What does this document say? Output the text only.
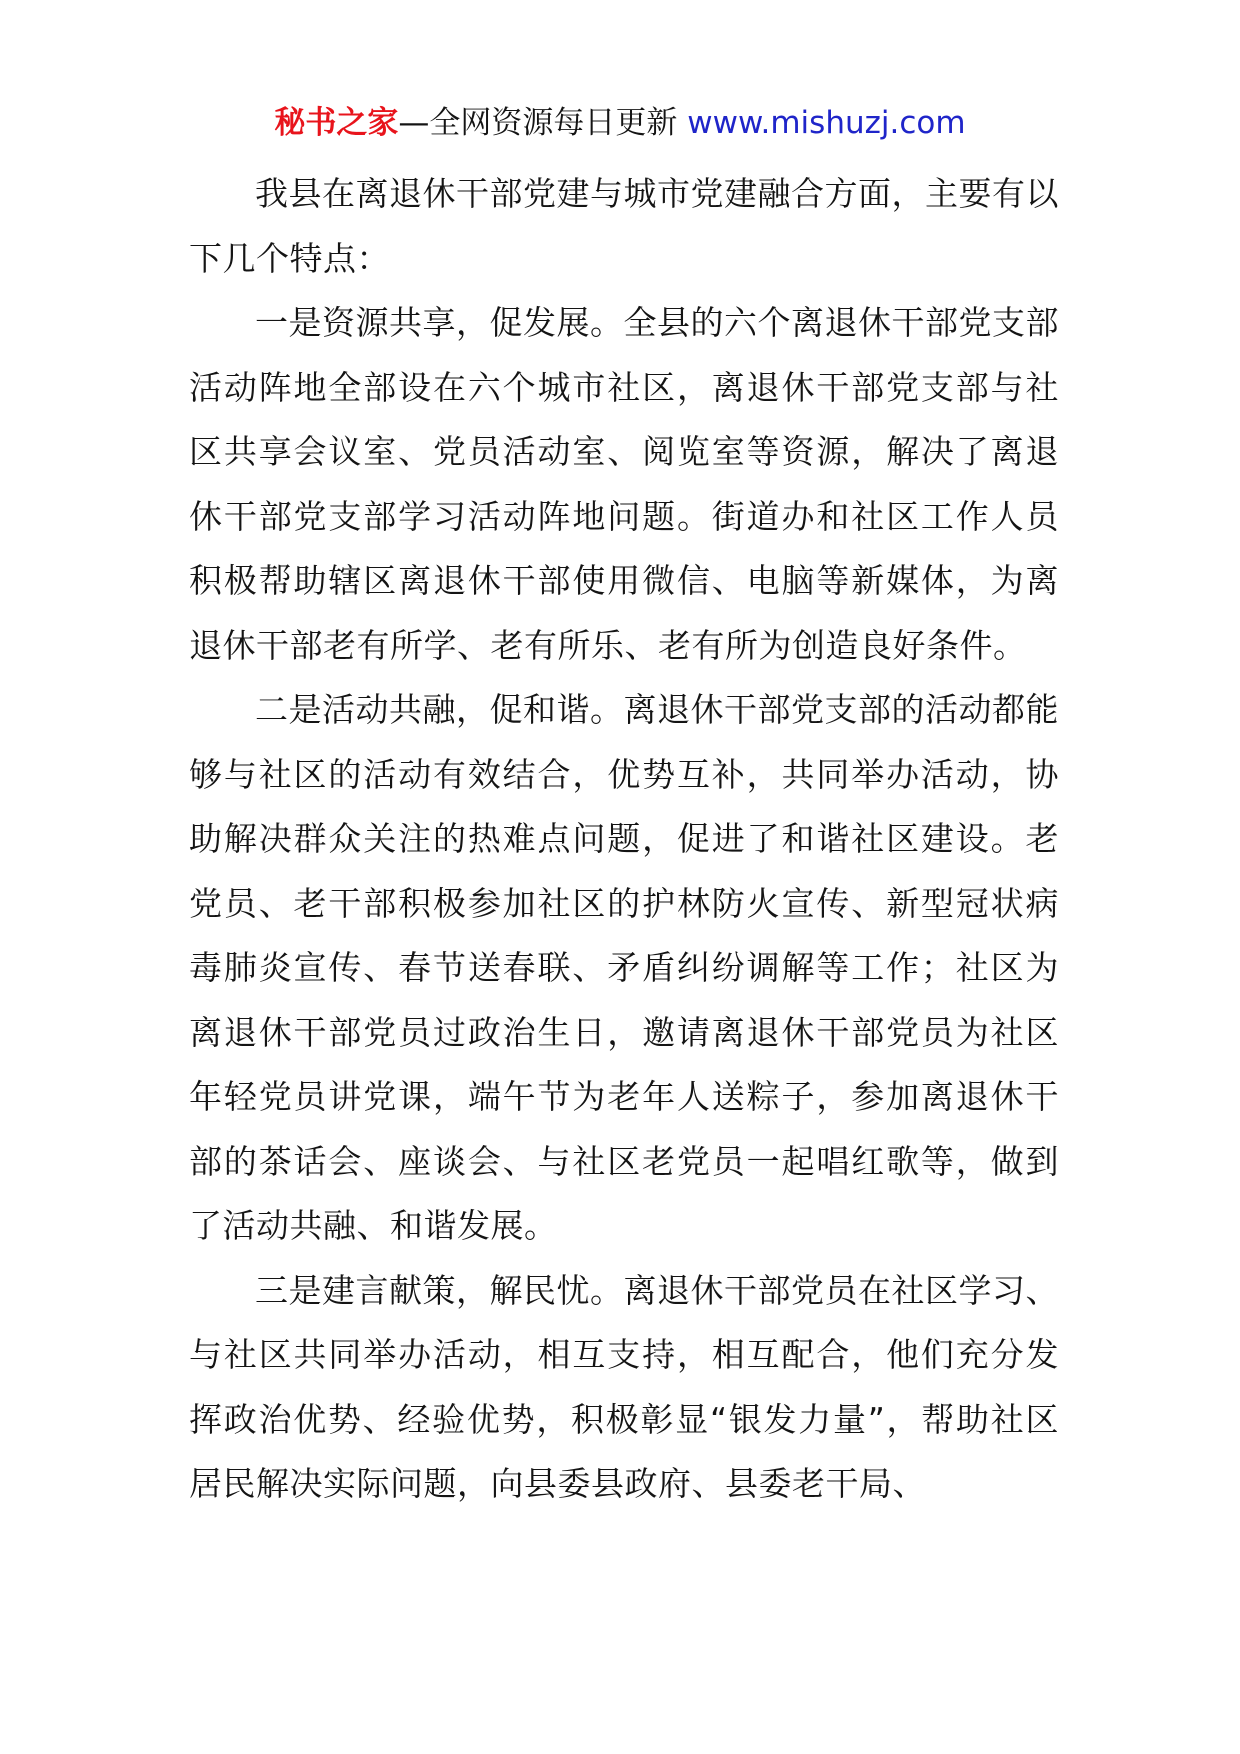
秘书之家—全网资源每日更新 www.mishuzj.com

我县在离退休干部党建与城市党建融合方面，主要有以下几个特点：

一是资源共享，促发展。全县的六个离退休干部党支部活动阵地全部设在六个城市社区，离退休干部党支部与社区共享会议室、党员活动室、阅览室等资源，解决了离退休干部党支部学习活动阵地问题。街道办和社区工作人员积极帮助辖区离退休干部使用微信、电脑等新媒体，为离退休干部老有所学、老有所乐、老有所为创造良好条件。

二是活动共融，促和谐。离退休干部党支部的活动都能够与社区的活动有效结合，优势互补，共同举办活动，协助解决群众关注的热难点问题，促进了和谐社区建设。老党员、老干部积极参加社区的护林防火宣传、新型冠状病毒肺炎宣传、春节送春联、矛盾纠纷调解等工作；社区为离退休干部党员过政治生日，邀请离退休干部党员为社区年轻党员讲党课，端午节为老年人送粽子，参加离退休干部的茶话会、座谈会、与社区老党员一起唱红歌等，做到了活动共融、和谐发展。

三是建言献策，解民忧。离退休干部党员在社区学习、与社区共同举办活动，相互支持，相互配合，他们充分发挥政治优势、经验优势，积极彰显“银发力量”，帮助社区居民解决实际问题，向县委县政府、县委老干局、
